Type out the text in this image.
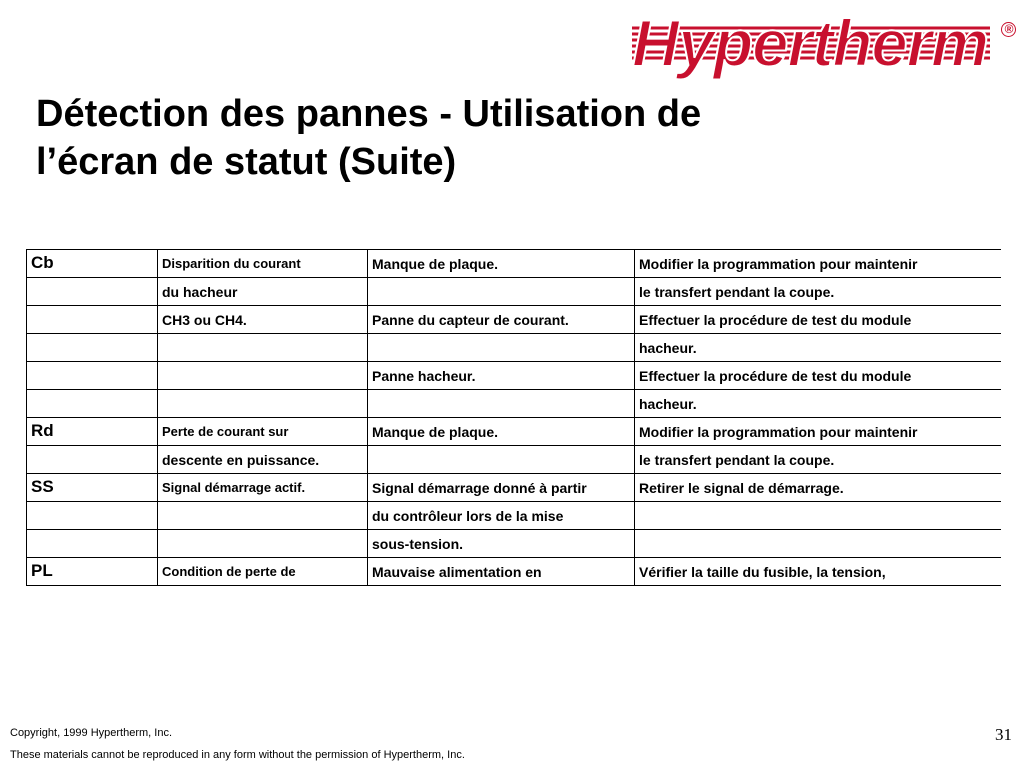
Hypertherm ®
Détection des pannes - Utilisation de
l’écran de statut (Suite)
Cb	Disparition du courant	Manque de plaque.	Modifier la programmation pour maintenir
	du hacheur		le transfert pendant la coupe.
	CH3 ou CH4.	Panne du capteur de courant.	Effectuer la procédure de test du module
			hacheur.
		Panne hacheur.	Effectuer la procédure de test du module
			hacheur.
Rd	Perte de courant sur	Manque de plaque.	Modifier la programmation pour maintenir
	descente en puissance.		le transfert pendant la coupe.
SS	Signal démarrage actif.	Signal démarrage donné à partir	Retirer le signal de démarrage.
		du contrôleur lors de la mise	
		sous-tension.	
PL	Condition de perte de	Mauvaise alimentation en	Vérifier la taille du fusible, la tension,
Copyright, 1999 Hypertherm, Inc.
These materials cannot be reproduced in any form without the permission of Hypertherm, Inc.
31
